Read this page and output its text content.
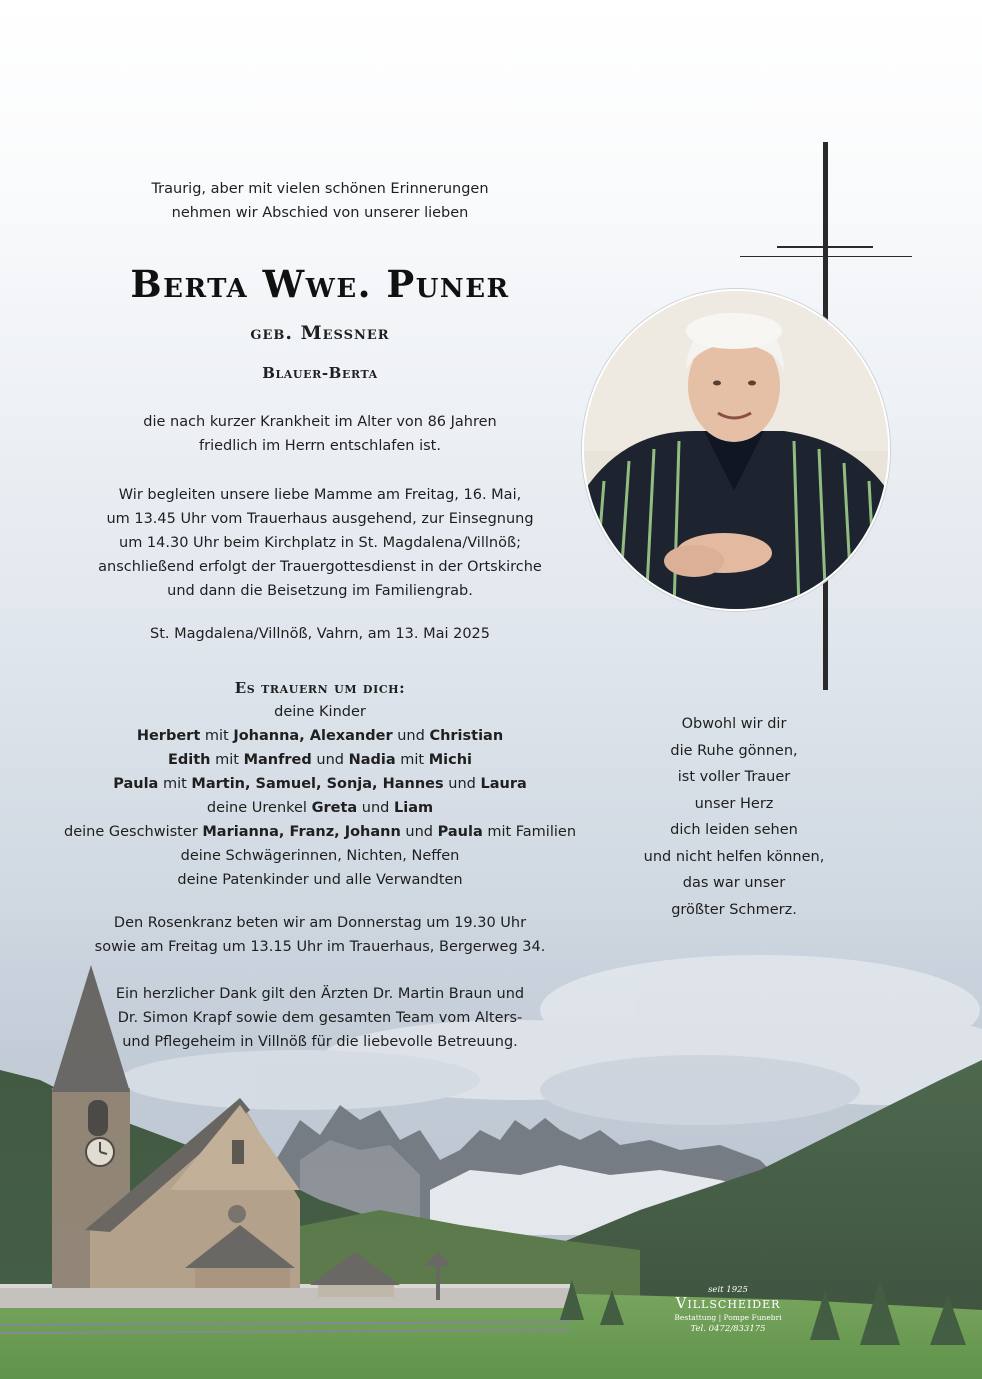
Traurig, aber mit vielen schönen Erinnerungen
nehmen wir Abschied von unserer lieben
Berta Wwe. Puner
geb. Messner
Blauer-Berta
die nach kurzer Krankheit im Alter von 86 Jahren
friedlich im Herrn entschlafen ist.
Wir begleiten unsere liebe Mamme am Freitag, 16. Mai,
um 13.45 Uhr vom Trauerhaus ausgehend, zur Einsegnung
um 14.30 Uhr beim Kirchplatz in St. Magdalena/Villnöß;
anschließend erfolgt der Trauergottesdienst in der Ortskirche
und dann die Beisetzung im Familiengrab.
St. Magdalena/Villnöß, Vahrn, am 13. Mai 2025
Es trauern um dich:
deine Kinder
Herbert mit Johanna, Alexander und Christian
Edith mit Manfred und Nadia mit Michi
Paula mit Martin, Samuel, Sonja, Hannes und Laura
deine Urenkel Greta und Liam
deine Geschwister Marianna, Franz, Johann und Paula mit Familien
deine Schwägerinnen, Nichten, Neffen
deine Patenkinder und alle Verwandten
Den Rosenkranz beten wir am Donnerstag um 19.30 Uhr
sowie am Freitag um 13.15 Uhr im Trauerhaus, Bergerweg 34.
Ein herzlicher Dank gilt den Ärzten Dr. Martin Braun und
Dr. Simon Krapf sowie dem gesamten Team vom Alters-
und Pflegeheim in Villnöß für die liebevolle Betreuung.
Obwohl wir dir
die Ruhe gönnen,
ist voller Trauer
unser Herz
dich leiden sehen
und nicht helfen können,
das war unser
größter Schmerz.
seit 1925
Villscheider
Bestattung | Pompe Funebri
Tel. 0472/833175
